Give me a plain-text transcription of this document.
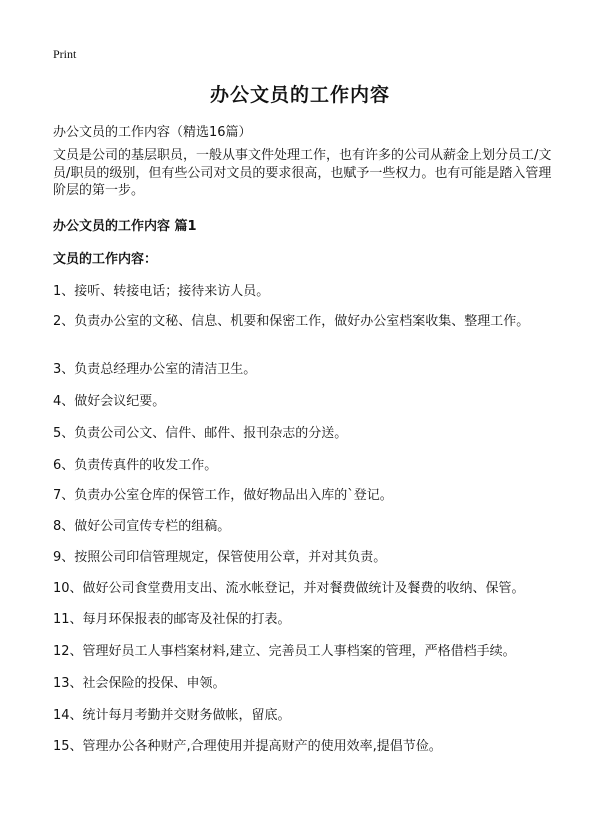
Print
办公文员的工作内容
办公文员的工作内容（精选16篇）
文员是公司的基层职员，一般从事文件处理工作，也有许多的公司从薪金上划分员工/文员/职员的级别，但有些公司对文员的要求很高，也赋予一些权力。也有可能是踏入管理阶层的第一步。
办公文员的工作内容 篇1
文员的工作内容：
1、接听、转接电话；接待来访人员。
2、负责办公室的文秘、信息、机要和保密工作，做好办公室档案收集、整理工作。
3、负责总经理办公室的清洁卫生。
4、做好会议纪要。
5、负责公司公文、信件、邮件、报刊杂志的分送。
6、负责传真件的收发工作。
7、负责办公室仓库的保管工作，做好物品出入库的`登记。
8、做好公司宣传专栏的组稿。
9、按照公司印信管理规定，保管使用公章，并对其负责。
10、做好公司食堂费用支出、流水帐登记，并对餐费做统计及餐费的收纳、保管。
11、每月环保报表的邮寄及社保的打表。
12、管理好员工人事档案材料,建立、完善员工人事档案的管理，严格借档手续。
13、社会保险的投保、申领。
14、统计每月考勤并交财务做帐，留底。
15、管理办公各种财产,合理使用并提高财产的使用效率,提倡节俭。
